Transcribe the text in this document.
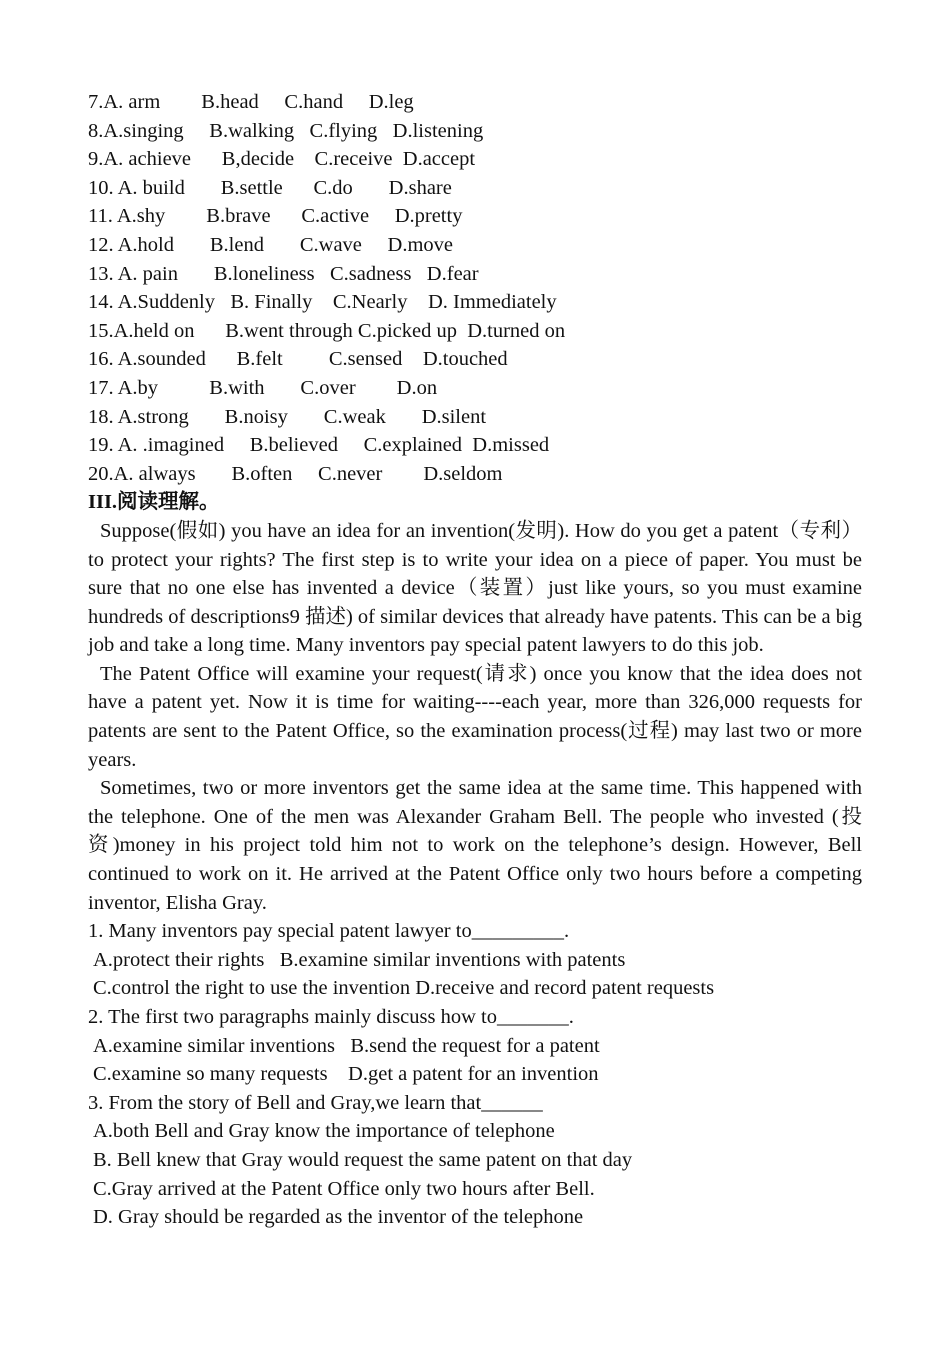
7.A. arm        B.head     C.hand     D.leg
8.A.singing     B.walking   C.flying   D.listening
9.A. achieve      B,decide    C.receive  D.accept
10. A. build       B.settle      C.do       D.share
11. A.shy        B.brave      C.active     D.pretty
12. A.hold       B.lend       C.wave     D.move
13. A. pain       B.loneliness   C.sadness   D.fear
14. A.Suddenly   B. Finally    C.Nearly    D. Immediately
15.A.held on      B.went through C.picked up  D.turned on
16. A.sounded      B.felt         C.sensed    D.touched
17. A.by          B.with       C.over        D.on
18. A.strong       B.noisy       C.weak       D.silent
19. A. .imagined     B.believed     C.explained  D.missed
20.A. always       B.often     C.never        D.seldom
III.阅读理解。
Suppose(假如) you have an idea for an invention(发明). How do you get a patent（专利） to protect your rights? The first step is to write your idea on a piece of paper. You must be sure that no one else has invented a device（装置）just like yours, so you must examine hundreds of descriptions9 描述) of similar devices that already have patents. This can be a big job and take a long time. Many inventors pay special patent lawyers to do this job.
The Patent Office will examine your request(请求) once you know that the idea does not have a patent yet. Now it is time for waiting----each year, more than 326,000 requests for patents are sent to the Patent Office, so the examination process(过程) may last two or more years.
Sometimes, two or more inventors get the same idea at the same time. This happened with the telephone. One of the men was Alexander Graham Bell. The people who invested (投资)money in his project told him not to work on the telephone’s design. However, Bell continued to work on it. He arrived at the Patent Office only two hours before a competing inventor, Elisha Gray.
1. Many inventors pay special patent lawyer to_________.
A.protect their rights   B.examine similar inventions with patents
C.control the right to use the invention D.receive and record patent requests
2. The first two paragraphs mainly discuss how to_______.
A.examine similar inventions   B.send the request for a patent
C.examine so many requests    D.get a patent for an invention
3. From the story of Bell and Gray,we learn that______
A.both Bell and Gray know the importance of telephone
B. Bell knew that Gray would request the same patent on that day
C.Gray arrived at the Patent Office only two hours after Bell.
D. Gray should be regarded as the inventor of the telephone
